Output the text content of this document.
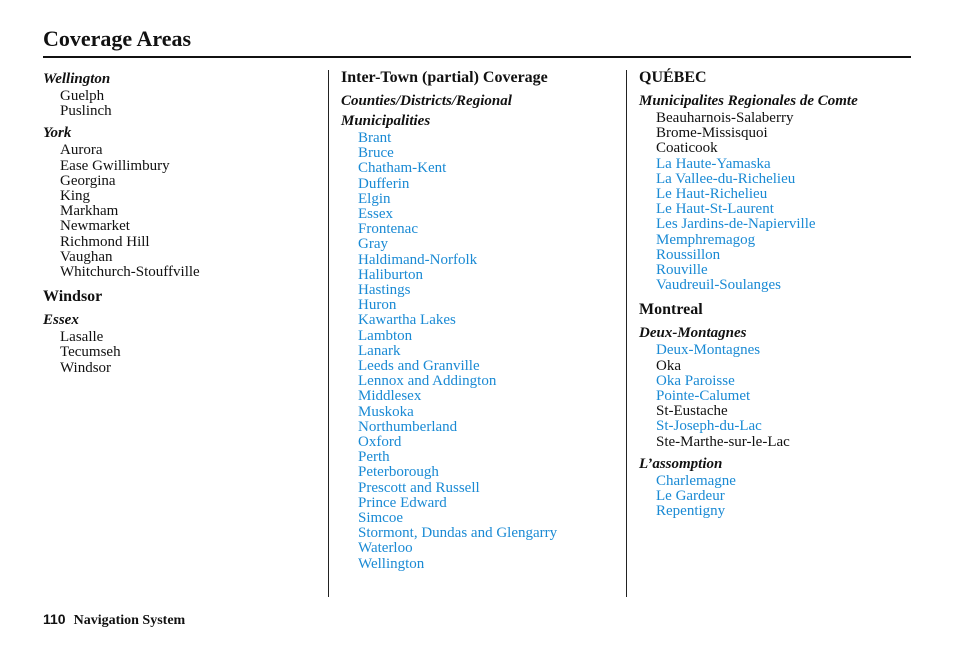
Coverage Areas
Wellington
Guelph
Puslinch
York
Aurora
Ease Gwillimbury
Georgina
King
Markham
Newmarket
Richmond Hill
Vaughan
Whitchurch-Stouffville
Windsor
Essex
Lasalle
Tecumseh
Windsor
Inter-Town (partial) Coverage
Counties/Districts/Regional
Municipalities
Brant
Bruce
Chatham-Kent
Dufferin
Elgin
Essex
Frontenac
Gray
Haldimand-Norfolk
Haliburton
Hastings
Huron
Kawartha Lakes
Lambton
Lanark
Leeds and Granville
Lennox and Addington
Middlesex
Muskoka
Northumberland
Oxford
Perth
Peterborough
Prescott and Russell
Prince Edward
Simcoe
Stormont, Dundas and Glengarry
Waterloo
Wellington
QUÉBEC
Municipalites Regionales de Comte
Beauharnois-Salaberry
Brome-Missisquoi
Coaticook
La Haute-Yamaska
La Vallee-du-Richelieu
Le Haut-Richelieu
Le Haut-St-Laurent
Les Jardins-de-Napierville
Memphremagog
Roussillon
Rouville
Vaudreuil-Soulanges
Montreal
Deux-Montagnes
Deux-Montagnes
Oka
Oka Paroisse
Pointe-Calumet
St-Eustache
St-Joseph-du-Lac
Ste-Marthe-sur-le-Lac
L’assomption
Charlemagne
Le Gardeur
Repentigny
110 Navigation System
